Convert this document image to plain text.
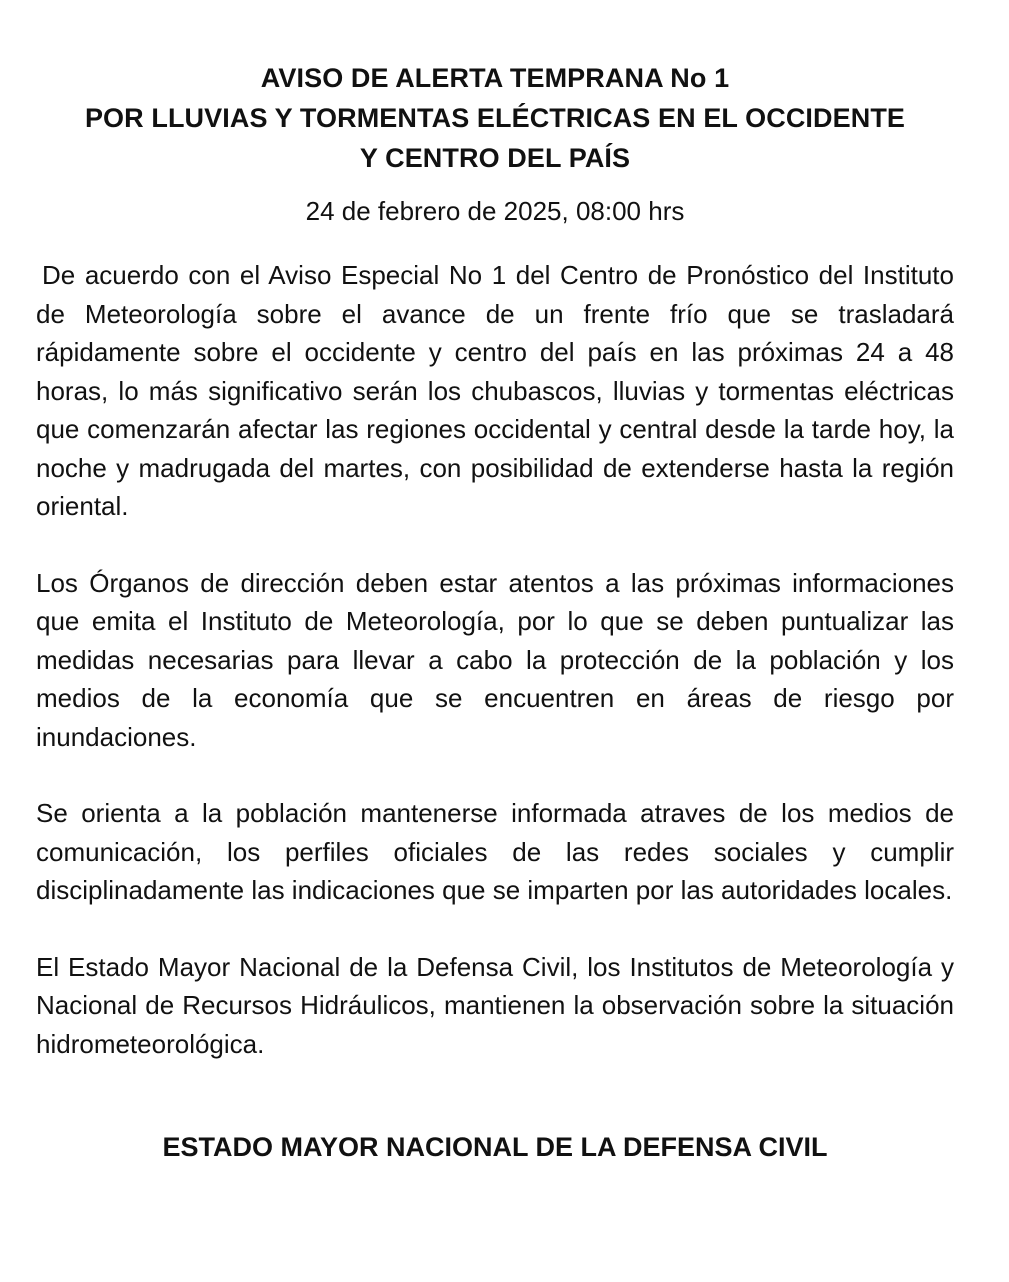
AVISO DE ALERTA TEMPRANA No 1
POR LLUVIAS Y TORMENTAS ELÉCTRICAS EN EL OCCIDENTE
Y CENTRO DEL PAÍS

24 de febrero de 2025, 08:00 hrs

De acuerdo con el Aviso Especial No 1 del Centro de Pronóstico del Instituto de Meteorología sobre el avance de un frente frío que se trasladará rápidamente sobre el occidente y centro del país en las próximas 24 a 48 horas, lo más significativo serán los chubascos, lluvias y tormentas eléctricas que comenzarán afectar las regiones occidental y central desde la tarde hoy, la noche y madrugada del martes, con posibilidad de extenderse hasta la región oriental.

Los Órganos de dirección deben estar atentos a las próximas informaciones que emita el Instituto de Meteorología, por lo que se deben puntualizar las medidas necesarias para llevar a cabo la protección de la población y los medios de la economía que se encuentren en áreas de riesgo por inundaciones.

Se orienta a la población mantenerse informada atraves de los medios de comunicación, los perfiles oficiales de las redes sociales y cumplir disciplinadamente las indicaciones que se imparten por las autoridades locales.

El Estado Mayor Nacional de la Defensa Civil, los Institutos de Meteorología y Nacional de Recursos Hidráulicos, mantienen la observación sobre la situación hidrometeorológica.

ESTADO MAYOR NACIONAL DE LA DEFENSA CIVIL
